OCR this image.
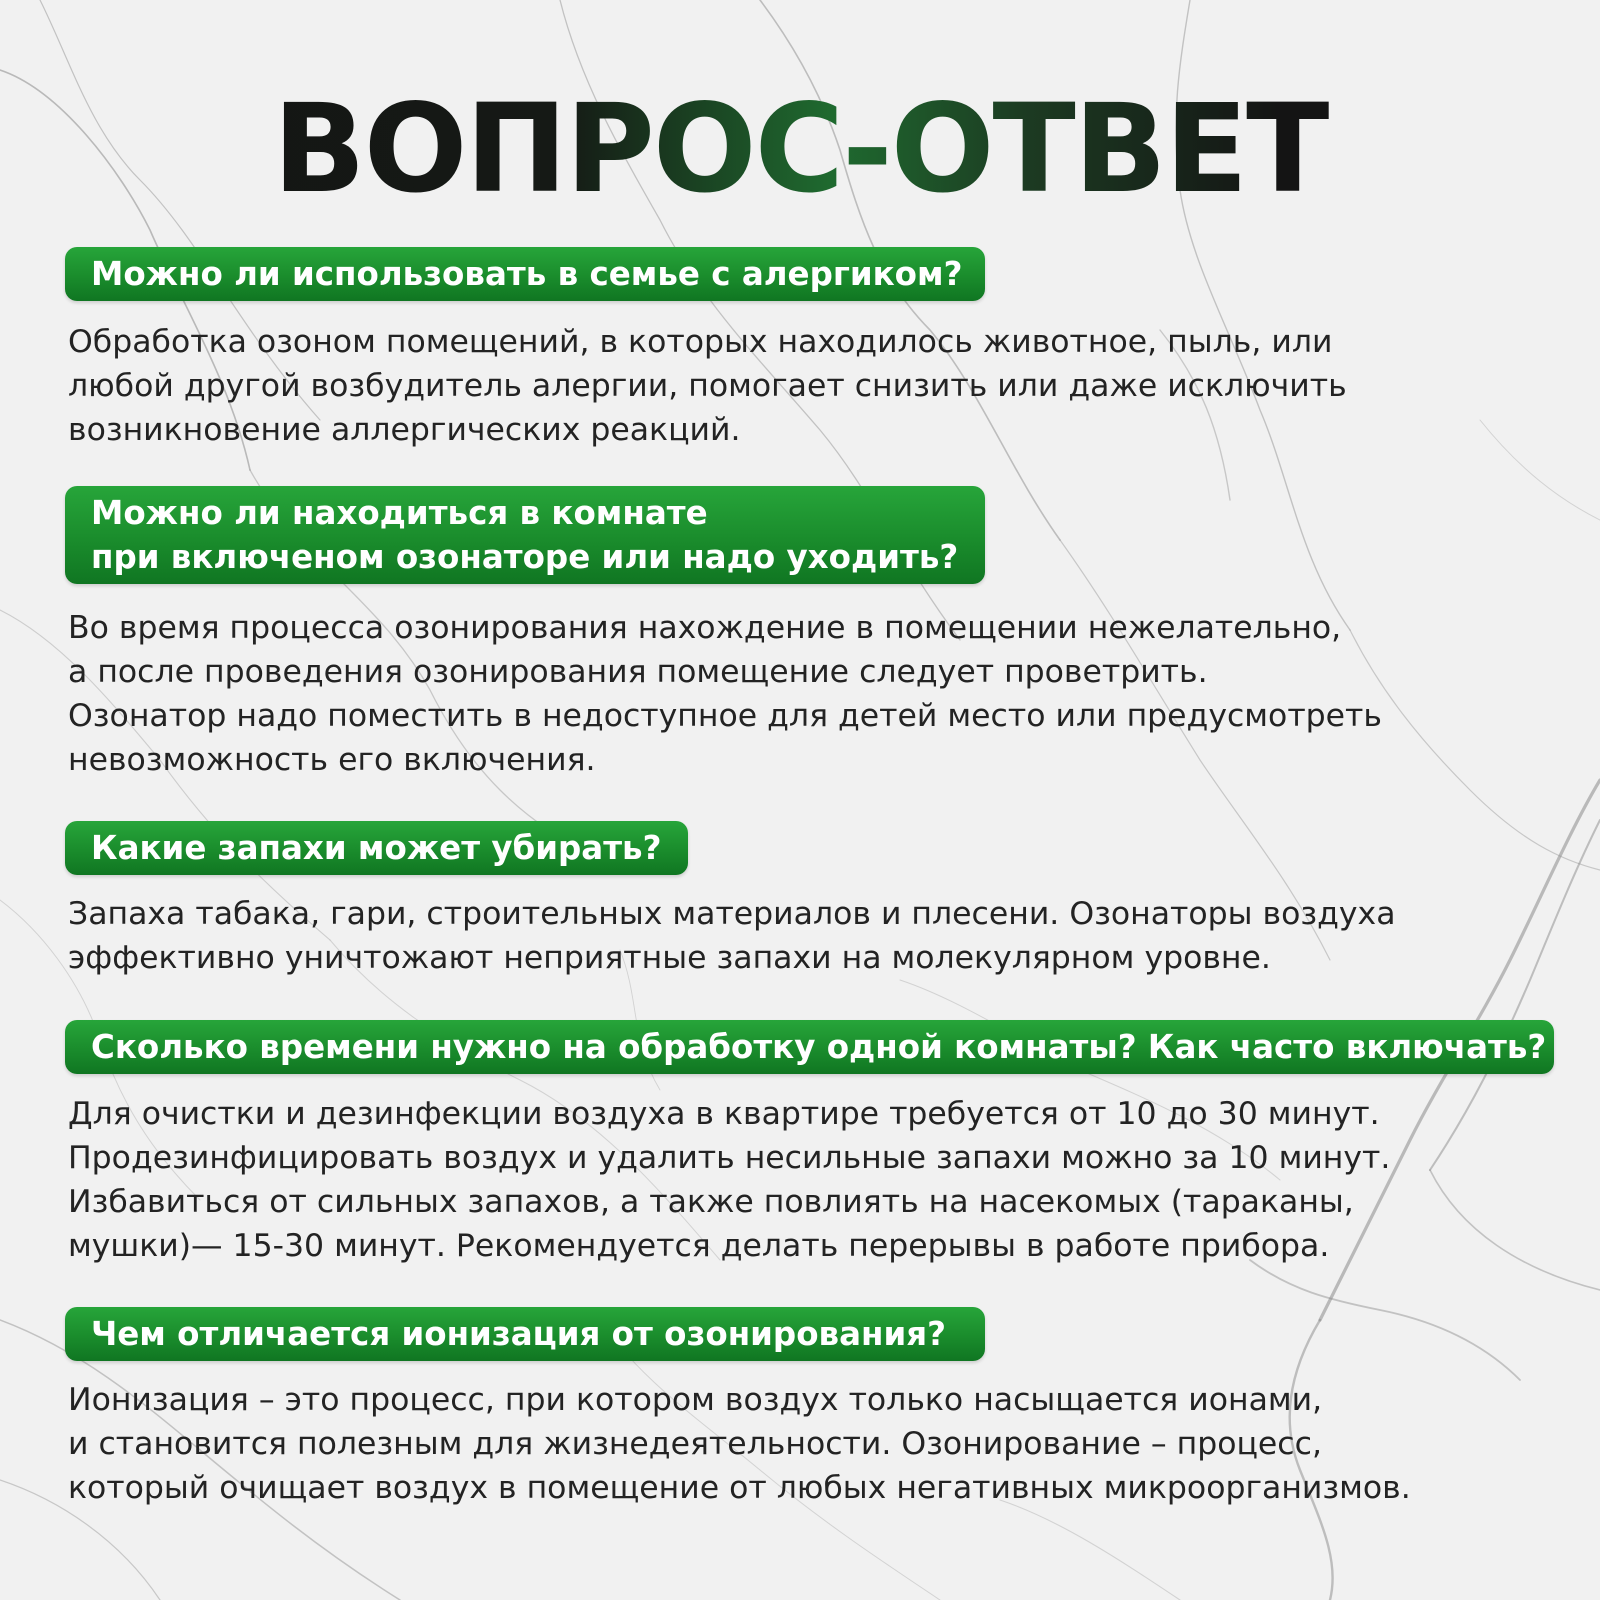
ВОПРОС-ОТВЕТ
Можно ли использовать в семье с алергиком?
Обработка озоном помещений, в которых находилось животное, пыль, или
любой другой возбудитель алергии, помогает снизить или даже исключить
возникновение аллергических реакций.
Можно ли находиться в комнате
при включеном озонаторе или надо уходить?
Во время процесса озонирования нахождение в помещении нежелательно,
а после проведения озонирования помещение следует проветрить.
Озонатор надо поместить в недоступное для детей место или предусмотреть
невозможность его включения.
Какие запахи может убирать?
Запаха табака, гари, строительных материалов и плесени. Озонаторы воздуха
эффективно уничтожают неприятные запахи на молекулярном уровне.
Сколько времени нужно на обработку одной комнаты? Как часто включать?
Для очистки и дезинфекции воздуха в квартире требуется от 10 до 30 минут.
Продезинфицировать воздух и удалить несильные запахи можно за 10 минут.
Избавиться от сильных запахов, а также повлиять на насекомых (тараканы,
мушки)— 15-30 минут. Рекомендуется делать перерывы в работе прибора.
Чем отличается ионизация от озонирования?
Ионизация – это процесс, при котором воздух только насыщается ионами,
и становится полезным для жизнедеятельности. Озонирование – процесс,
который очищает воздух в помещение от любых негативных микроорганизмов.
